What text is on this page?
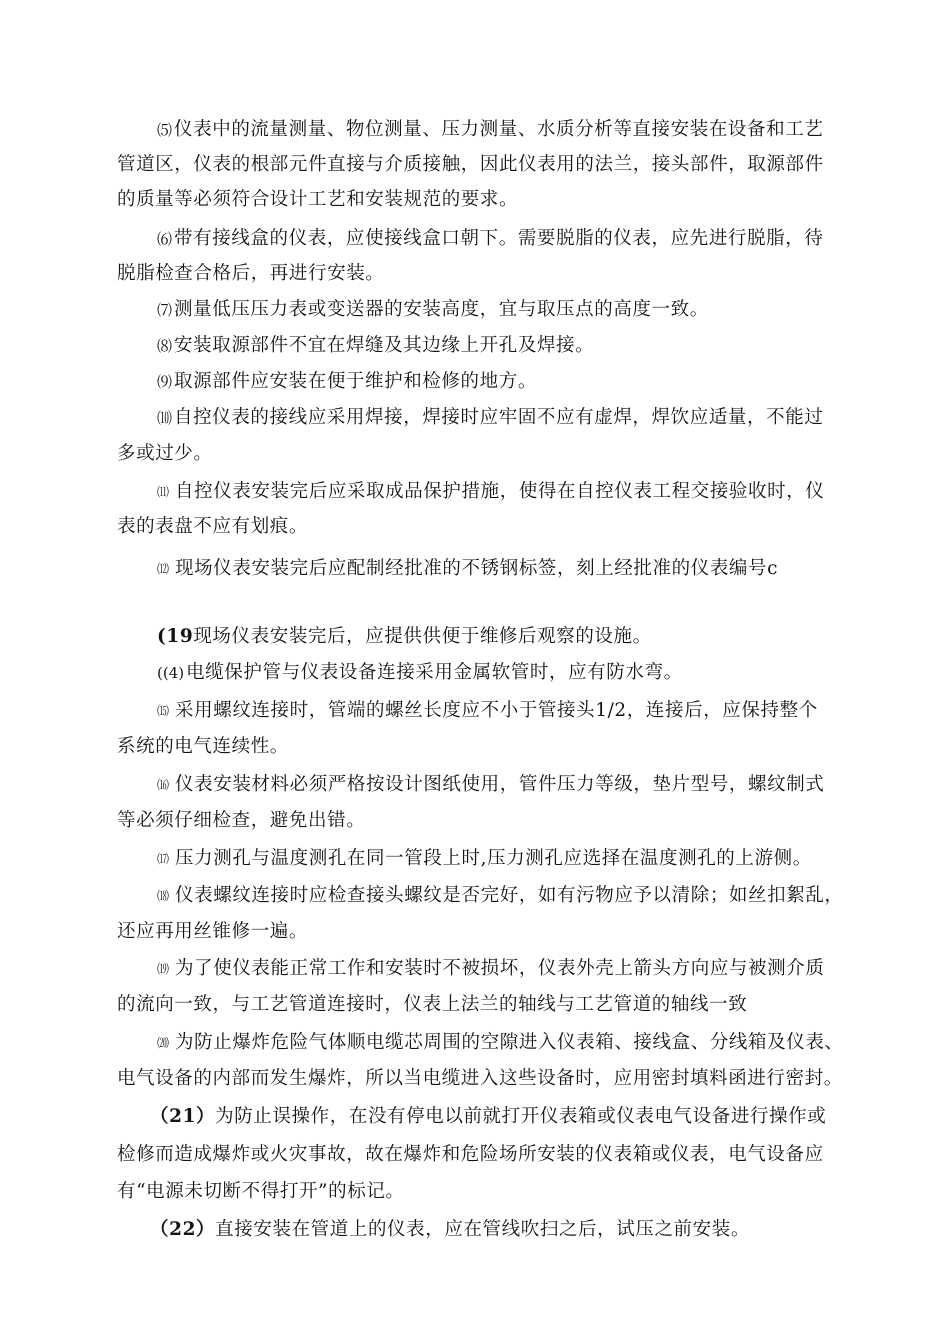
⑸ 仪表中的流量测量、物位测量、压力测量、水质分析等直接安装在设备和工艺
管道区，仪表的根部元件直接与介质接触，因此仪表用的法兰，接头部件，取源部件
的质量等必须符合设计工艺和安装规范的要求。
⑹ 带有接线盒的仪表，应使接线盒口朝下。需要脱脂的仪表，应先进行脱脂，待
脱脂检查合格后，再进行安装。
⑺ 测量低压压力表或变送器的安装高度，宜与取压点的高度一致。
⑻ 安装取源部件不宜在焊缝及其边缘上开孔及焊接。
⑼ 取源部件应安装在便于维护和检修的地方。
⑽ 自控仪表的接线应采用焊接，焊接时应牢固不应有虚焊，焊饮应适量，不能过
多或过少。
⑾ 自控仪表安装完后应采取成品保护措施，使得在自控仪表工程交接验收时，仪
表的表盘不应有划痕。
⑿ 现场仪表安装完后应配制经批准的不锈钢标签，刻上经批准的仪表编号c
(19现场仪表安装完后，应提供供便于维修后观察的设施。
((4) 电缆保护管与仪表设备连接采用金属软管时，应有防水弯。
⒂ 采用螺纹连接时，管端的螺丝长度应不小于管接头1/2，连接后，应保持整个
系统的电气连续性。
⒃ 仪表安装材料必须严格按设计图纸使用，管件压力等级，垫片型号，螺纹制式
等必须仔细检查，避免出错。
⒄ 压力测孔与温度测孔在同一管段上时,压力测孔应选择在温度测孔的上游侧。
⒅ 仪表螺纹连接时应检查接头螺纹是否完好，如有污物应予以清除；如丝扣絮乱，
还应再用丝锥修一遍。
⒆ 为了使仪表能正常工作和安装时不被损坏，仪表外壳上箭头方向应与被测介质
的流向一致，与工艺管道连接时，仪表上法兰的轴线与工艺管道的轴线一致
⒇ 为防止爆炸危险气体顺电缆芯周围的空隙进入仪表箱、接线盒、分线箱及仪表、
电气设备的内部而发生爆炸，所以当电缆进入这些设备时，应用密封填料函进行密封。
（21）为防止误操作，在没有停电以前就打开仪表箱或仪表电气设备进行操作或
检修而造成爆炸或火灾事故，故在爆炸和危险场所安装的仪表箱或仪表，电气设备应
有“电源未切断不得打开”的标记。
（22）直接安装在管道上的仪表，应在管线吹扫之后，试压之前安装。
